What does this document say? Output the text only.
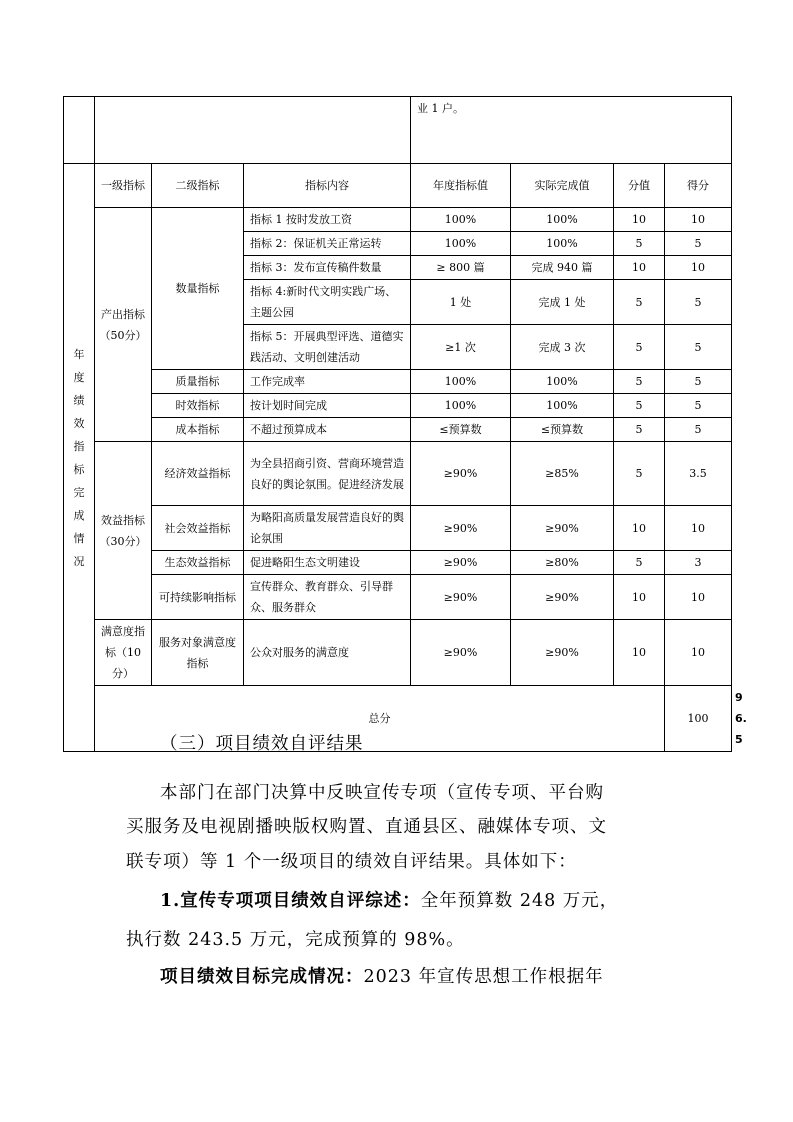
				业 1 户。				

年度绩效指标完成情况	一级指标	二级指标	指标内容	年度指标值	实际完成值	分值	得分	
	产出指标（50分）	数量指标	指标 1 按时发放工资	100%	100%	10	10	
			指标 2：保证机关正常运转	100%	100%	5	5	
			指标 3：发布宣传稿件数量	≥ 800 篇	完成 940 篇	10	10	
			指标 4:新时代文明实践广场、主题公园	1 处	完成 1 处	5	5	
			指标 5：开展典型评选、道德实践活动、文明创建活动	≥1 次	完成 3 次	5	5	
		质量指标	工作完成率	100%	100%	5	5	
		时效指标	按计划时间完成	100%	100%	5	5	
		成本指标	不超过预算成本	≤预算数	≤预算数	5	5	
	效益指标（30分）	经济效益指标	为全县招商引资、营商环境营造良好的舆论氛围。促进经济发展	≥90%	≥85%	5	3.5	
		社会效益指标	为略阳高质量发展营造良好的舆论氛围	≥90%	≥90%	10	10	
		生态效益指标	促进略阳生态文明建设	≥90%	≥80%	5	3	
		可持续影响指标	宣传群众、教育群众、引导群众、服务群众	≥90%	≥90%	10	10	
	满意度指标（10分）	服务对象满意度指标	公众对服务的满意度	≥90%	≥90%	10	10	
	总分						100	96.5
（三）项目绩效自评结果
本部门在部门决算中反映宣传专项（宣传专项、平台购
买服务及电视剧播映版权购置、直通县区、融媒体专项、文
联专项）等 1 个一级项目的绩效自评结果。具体如下：
1.宣传专项项目绩效自评综述：全年预算数 248 万元，
执行数 243.5 万元，完成预算的 98%。
项目绩效目标完成情况：2023 年宣传思想工作根据年
